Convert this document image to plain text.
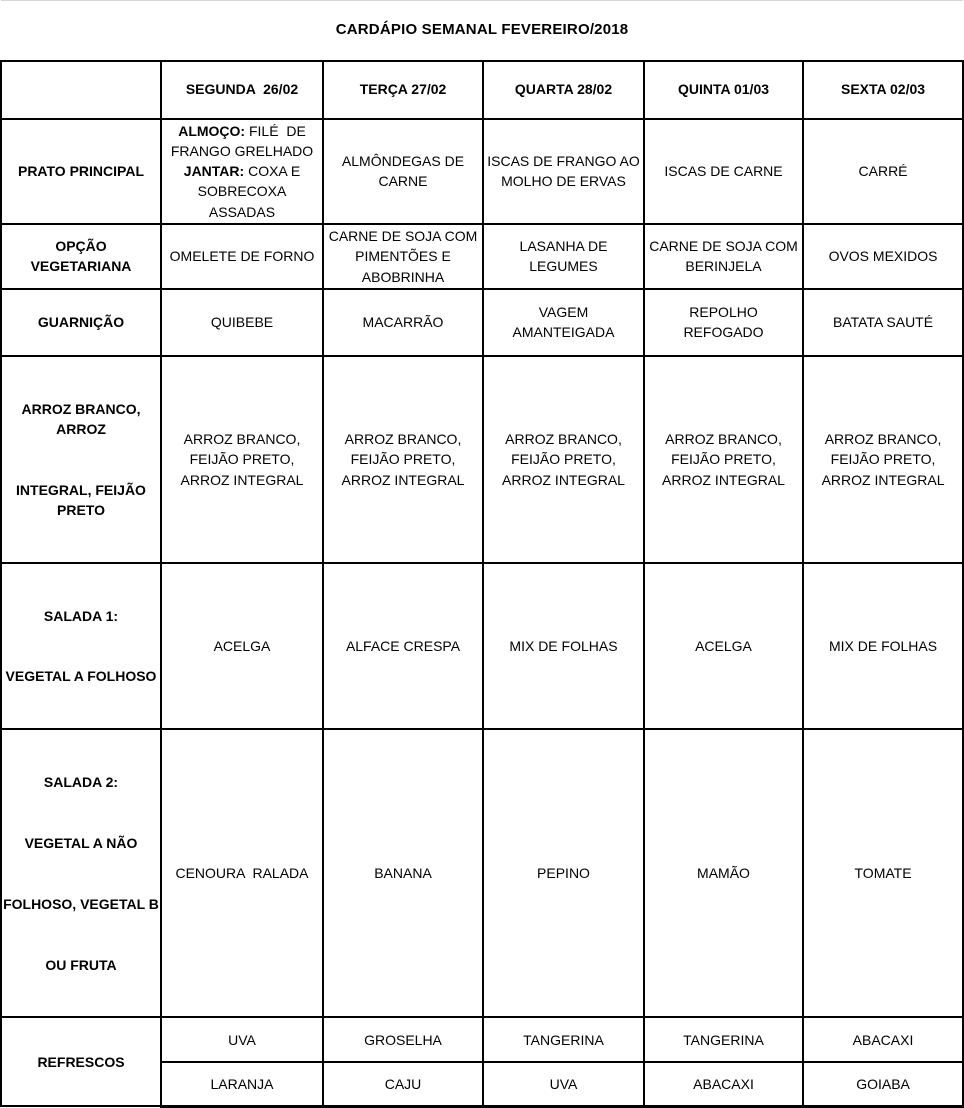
CARDÁPIO SEMANAL FEVEREIRO/2018					
	SEGUNDA  26/02	TERÇA 27/02	QUARTA 28/02	QUINTA 01/03	SEXTA 02/03
PRATO PRINCIPAL	ALMOÇO: FILÉ  DE FRANGO GRELHADO JANTAR: COXA E SOBRECOXA ASSADAS	ALMÔNDEGAS DE CARNE	ISCAS DE FRANGO AO MOLHO DE ERVAS	ISCAS DE CARNE	CARRÉ
OPÇÃO VEGETARIANA	OMELETE DE FORNO	CARNE DE SOJA COM PIMENTÕES E ABOBRINHA	LASANHA DE LEGUMES	CARNE DE SOJA COM BERINJELA	OVOS MEXIDOS
GUARNIÇÃO	QUIBEBE	MACARRÃO	VAGEM AMANTEIGADA	REPOLHO REFOGADO	BATATA SAUTÉ

ARROZ BRANCO, ARROZ

INTEGRAL, FEIJÃO PRETO	ARROZ BRANCO, FEIJÃO PRETO, ARROZ INTEGRAL	ARROZ BRANCO, FEIJÃO PRETO, ARROZ INTEGRAL	ARROZ BRANCO, FEIJÃO PRETO, ARROZ INTEGRAL	ARROZ BRANCO, FEIJÃO PRETO, ARROZ INTEGRAL	ARROZ BRANCO, FEIJÃO PRETO, ARROZ INTEGRAL

SALADA 1:

VEGETAL A FOLHOSO	ACELGA	ALFACE CRESPA	MIX DE FOLHAS	ACELGA	MIX DE FOLHAS

SALADA 2:

VEGETAL A NÃO

FOLHOSO, VEGETAL B

OU FRUTA	CENOURA  RALADA	BANANA	PEPINO	MAMÃO	TOMATE
REFRESCOS	UVA	GROSELHA	TANGERINA	TANGERINA	ABACAXI
	LARANJA	CAJU	UVA	ABACAXI	GOIABA
